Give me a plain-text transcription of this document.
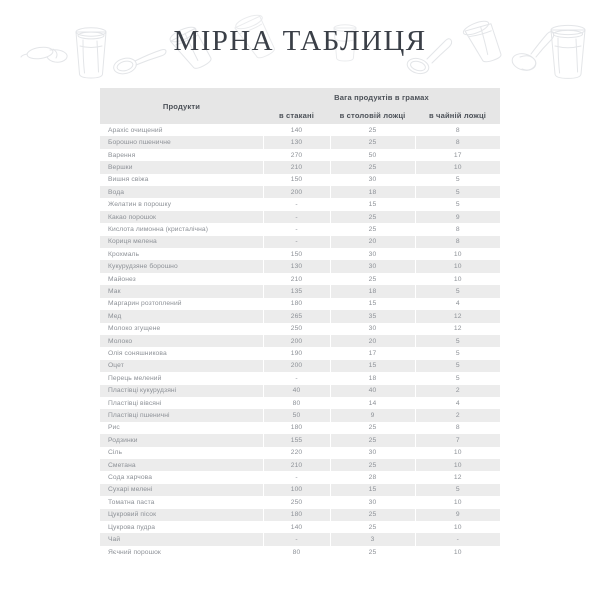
МІРНА ТАБЛИЦЯ
Продукти	Вага продуктів в грамах		
	в стакані	в столовій ложці	в чайній ложці
Арахіс очищений	140	25	8
Борошно пшеничне	130	25	8
Варення	270	50	17
Вершки	210	25	10
Вишня свіжа	150	30	5
Вода	200	18	5
Желатин в порошку	-	15	5
Какао порошок	-	25	9
Кислота лимонна (кристалічна)	-	25	8
Кориця мелена	-	20	8
Крохмаль	150	30	10
Кукурудзяне борошно	130	30	10
Майонез	210	25	10
Мак	135	18	5
Маргарин розтоплений	180	15	4
Мед	265	35	12
Молоко згущене	250	30	12
Молоко	200	20	5
Олія соняшникова	190	17	5
Оцет	200	15	5
Перець мелений	-	18	5
Пластівці кукурудзяні	40	40	2
Пластівці вівсяні	80	14	4
Пластівці пшеничні	50	9	2
Рис	180	25	8
Родзинки	155	25	7
Сіль	220	30	10
Сметана	210	25	10
Сода харчова	-	28	12
Сухарі мелені	100	15	5
Томатна паста	250	30	10
Цукровий пісок	180	25	9
Цукрова пудра	140	25	10
Чай	-	3	-
Яєчний порошок	80	25	10
